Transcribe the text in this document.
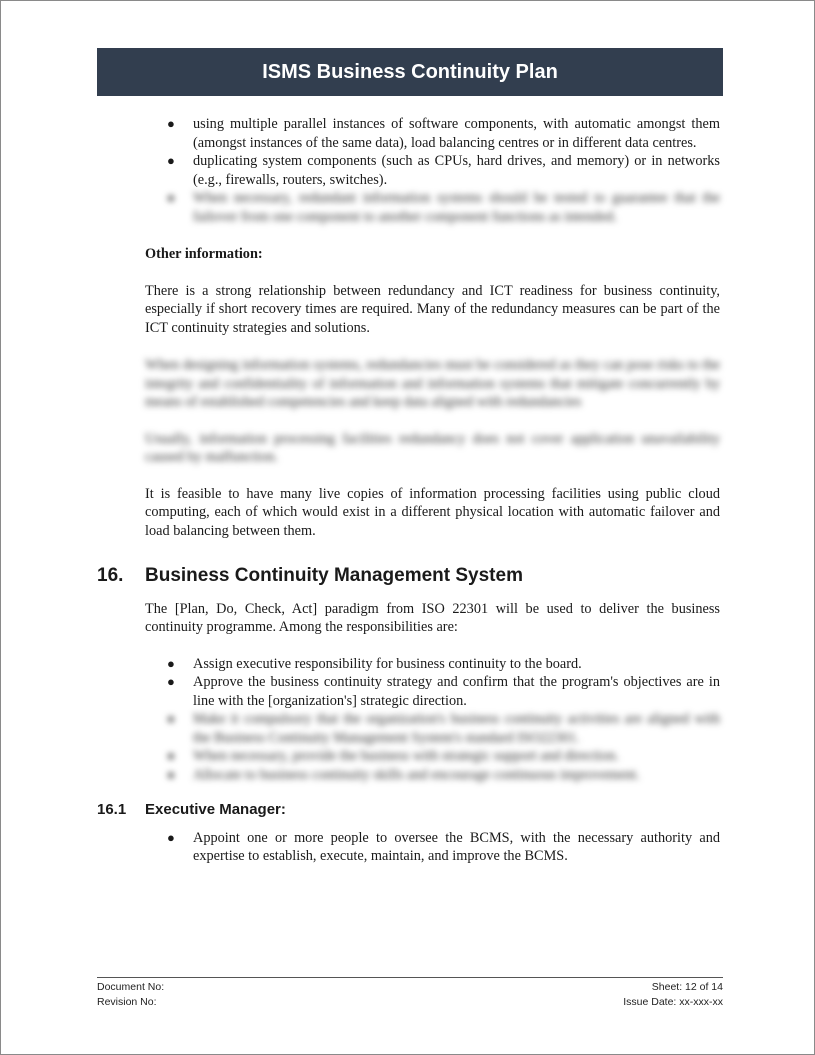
ISMS Business Continuity Plan
● using multiple parallel instances of software components, with automatic amongst them (amongst instances of the same data), load balancing centres or in different data centres.
● duplicating system components (such as CPUs, hard drives, and memory) or in networks (e.g., firewalls, routers, switches).
● When necessary, redundant information systems should be tested to guarantee that the failover from one component to another component functions as intended.

Other information:

There is a strong relationship between redundancy and ICT readiness for business continuity, especially if short recovery times are required. Many of the redundancy measures can be part of the ICT continuity strategies and solutions.

When designing information systems, redundancies must be considered as they can pose risks to the integrity and confidentiality of information and information systems that mitigate concurrently by means of established competencies and keep data aligned with redundancies

Usually, information processing facilities redundancy does not cover application unavailability caused by malfunction.

It is feasible to have many live copies of information processing facilities using public cloud computing, each of which would exist in a different physical location with automatic failover and load balancing between them.

16. Business Continuity Management System

The [Plan, Do, Check, Act] paradigm from ISO 22301 will be used to deliver the business continuity programme. Among the responsibilities are:

● Assign executive responsibility for business continuity to the board.
● Approve the business continuity strategy and confirm that the program's objectives are in line with the [organization's] strategic direction.
● Make it compulsory that the organization's business continuity activities are aligned with the Business Continuity Management System's standard ISO22301.
● When necessary, provide the business with strategic support and direction.
● Allocate to business continuity skills and encourage continuous improvement.
16.1 Executive Manager:
● Appoint one or more people to oversee the BCMS, with the necessary authority and expertise to establish, execute, maintain, and improve the BCMS.
Document No:	Sheet: 12 of 14
Revision No:	Issue Date: xx-xxx-xx
